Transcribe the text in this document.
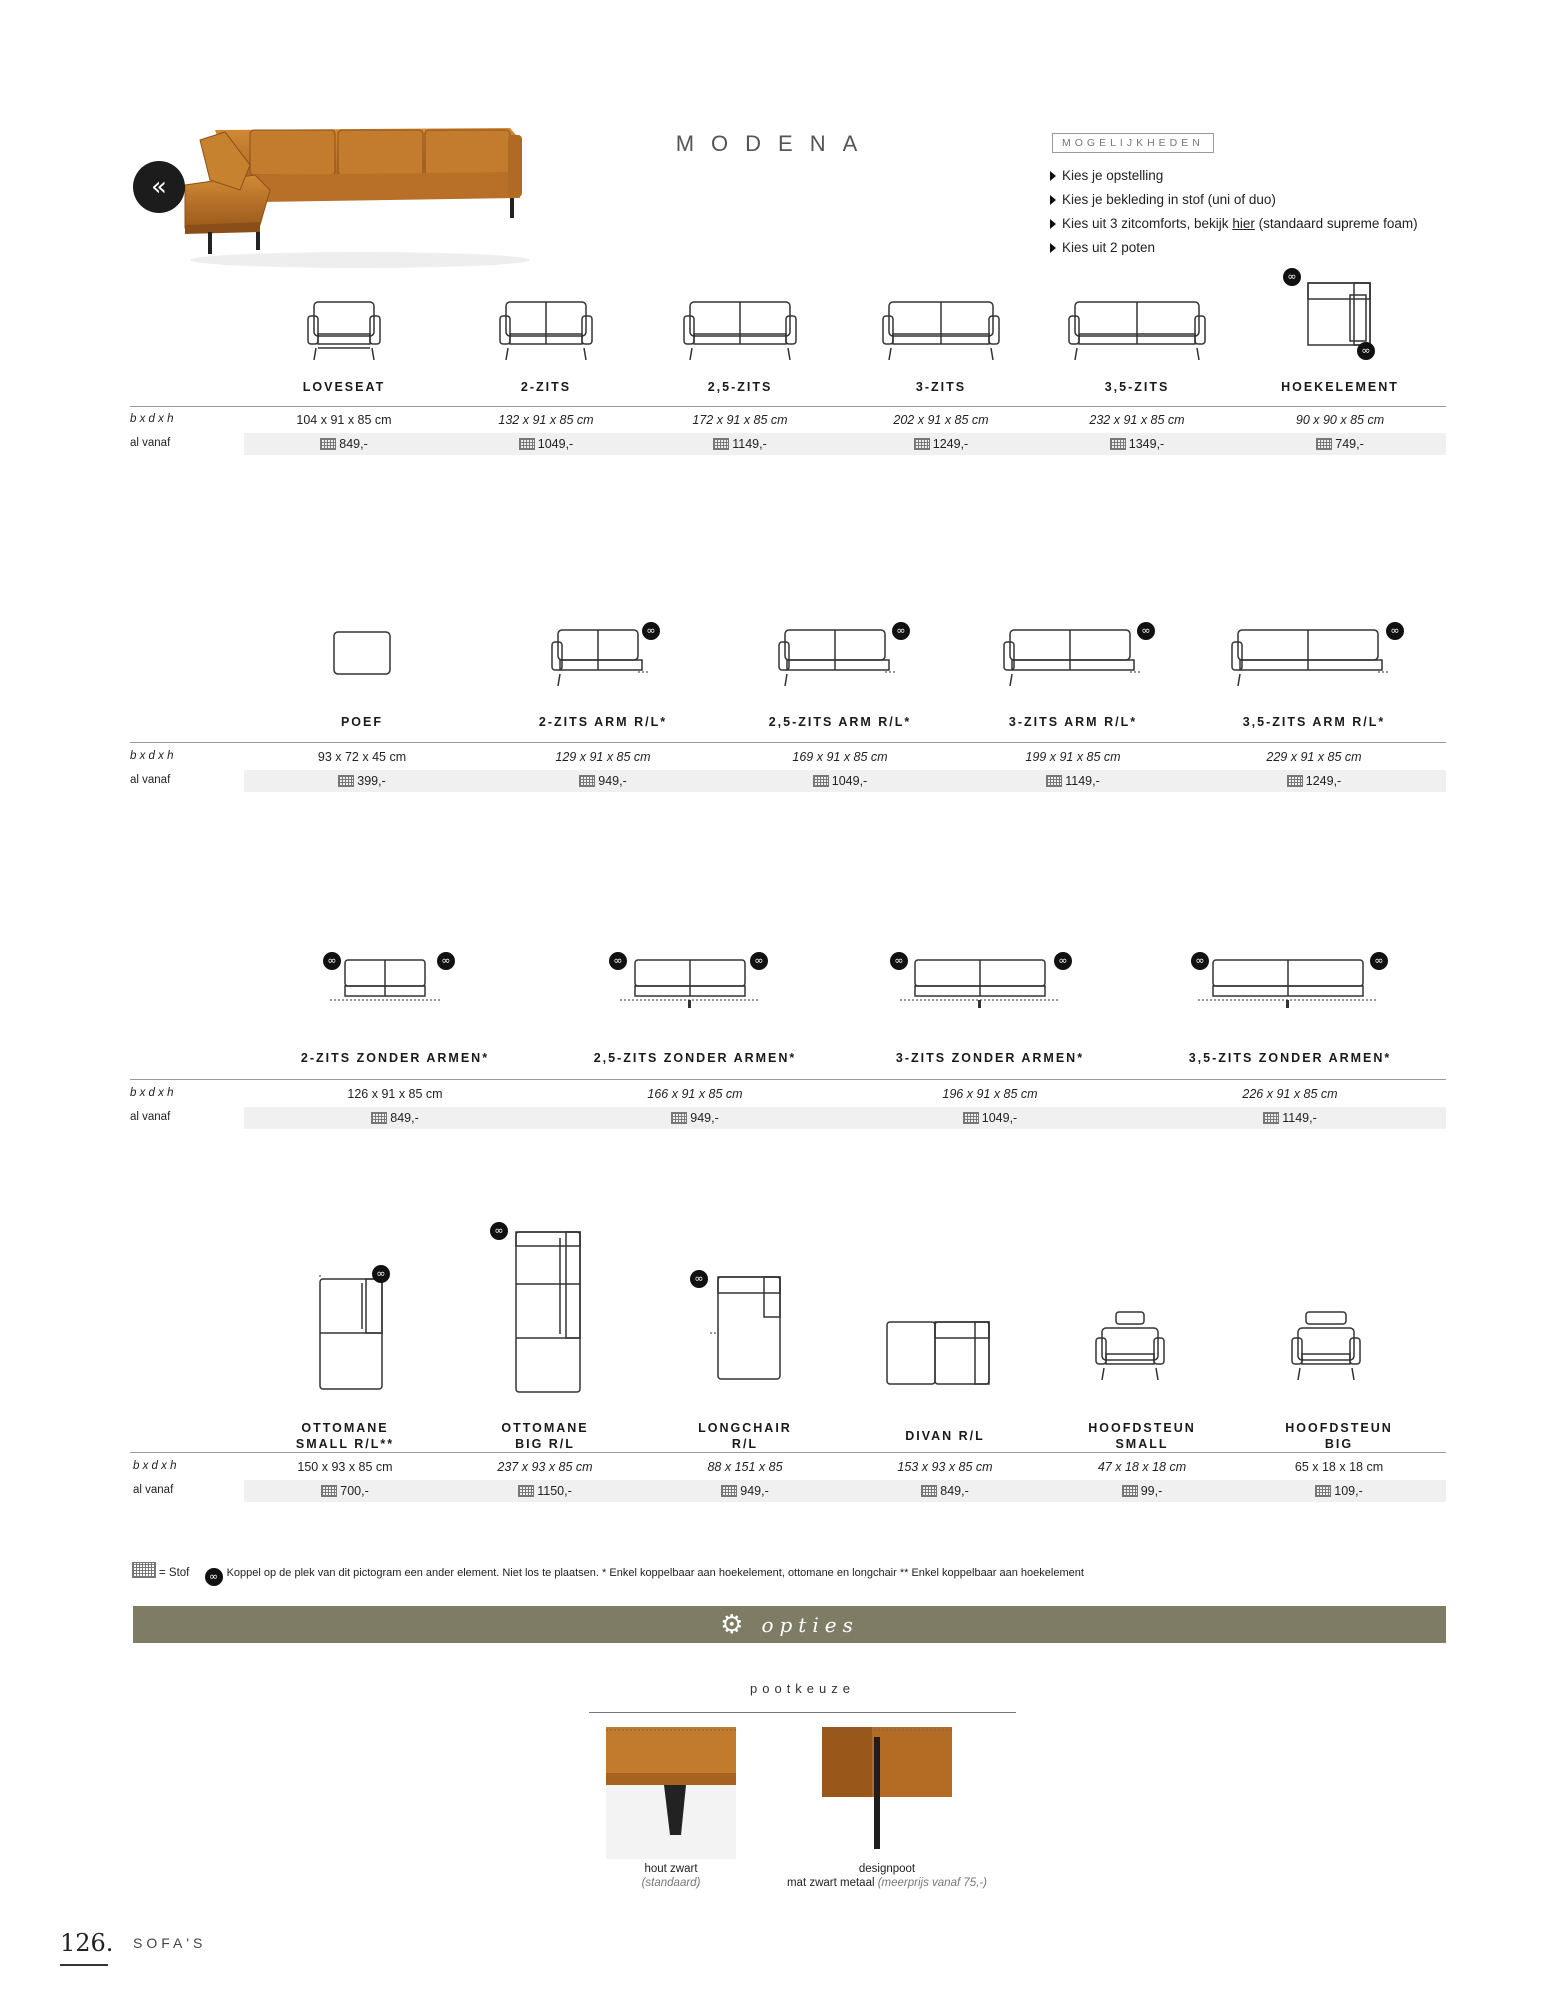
«
MODENA	MOGELIJKHEDEN
Kies je opstelling
Kies je bekleding in stof (uni of duo)
Kies uit 3 zitcomforts, bekijk hier (standaard supreme foam)
Kies uit 2 poten
∞
∞
LOVESEAT	2-ZITS	2,5-ZITS	3-ZITS	3,5-ZITS	HOEKELEMENT
b x d x h
al vanaf
104 x 91 x 85 cm	132 x 91 x 85 cm	172 x 91 x 85 cm	202 x 91 x 85 cm	232 x 91 x 85 cm	90 x 90 x 85 cm
849,-	1049,-	1149,-	1249,-	1349,-	749,-
∞	∞	∞	∞
POEF	2-ZITS ARM R/L*	2,5-ZITS ARM R/L*	3-ZITS ARM R/L*	3,5-ZITS ARM R/L*
b x d x h
al vanaf
93 x 72 x 45 cm	129 x 91 x 85 cm	169 x 91 x 85 cm	199 x 91 x 85 cm	229 x 91 x 85 cm
399,-	949,-	1049,-	1149,-	1249,-
∞	∞	∞	∞	∞	∞	∞	∞
2-ZITS ZONDER ARMEN*	2,5-ZITS ZONDER ARMEN*	3-ZITS ZONDER ARMEN*	3,5-ZITS ZONDER ARMEN*
b x d x h
al vanaf
126 x 91 x 85 cm	166 x 91 x 85 cm	196 x 91 x 85 cm	226 x 91 x 85 cm
849,-	949,-	1049,-	1149,-
∞
∞
∞
OTTOMANE
SMALL R/L**
OTTOMANE
BIG R/L
LONGCHAIR
R/L
DIVAN R/L
HOOFDSTEUN
SMALL
HOOFDSTEUN
BIG
b x d x h
al vanaf
150 x 93 x 85 cm	237 x 93 x 85 cm	88 x 151 x 85	153 x 93 x 85 cm	47 x 18 x 18 cm	65 x 18 x 18 cm
700,-	1150,-	949,-	849,-	99,-	109,-
= Stof ∞ Koppel op de plek van dit pictogram een ander element. Niet los te plaatsen. * Enkel koppelbaar aan hoekelement, ottomane en longchair ** Enkel koppelbaar aan hoekelement
⚙ opties
pootkeuze
hout zwart
(standaard)
designpoot
mat zwart metaal (meerprijs vanaf 75,-)
126. SOFA'S
